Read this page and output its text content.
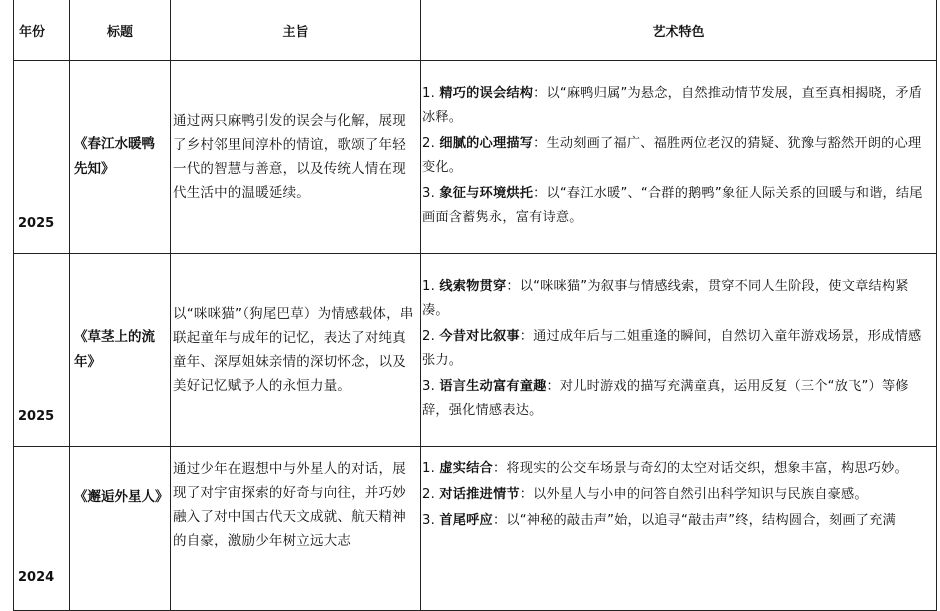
年份	标题	主旨	艺术特色
2025	《春江水暖鸭先知》	通过两只麻鸭引发的误会与化解，展现了乡村邻里间淳朴的情谊，歌颂了年轻一代的智慧与善意，以及传统人情在现代生活中的温暖延续。	1. 精巧的误会结构：以“麻鸭归属”为悬念，自然推动情节发展，直至真相揭晓，矛盾冰释。

2. 细腻的心理描写：生动刻画了福广、福胜两位老汉的猜疑、犹豫与豁然开朗的心理变化。

3. 象征与环境烘托：以“春江水暖”、“合群的鹅鸭”象征人际关系的回暖与和谐，结尾画面含蓄隽永，富有诗意。

2025	《草茎上的流年》	以“咪咪猫”（狗尾巴草）为情感载体，串联起童年与成年的记忆，表达了对纯真童年、深厚姐妹亲情的深切怀念，以及美好记忆赋予人的永恒力量。	1. 线索物贯穿：以“咪咪猫”为叙事与情感线索，贯穿不同人生阶段，使文章结构紧凑。

2. 今昔对比叙事：通过成年后与二姐重逢的瞬间，自然切入童年游戏场景，形成情感张力。

3. 语言生动富有童趣：对儿时游戏的描写充满童真，运用反复（三个“放飞”）等修辞，强化情感表达。

2024	《邂逅外星人》	通过少年在遐想中与外星人的对话，展现了对宇宙探索的好奇与向往，并巧妙融入了对中国古代天文成就、航天精神的自豪，激励少年树立远大志	1. 虚实结合：将现实的公交车场景与奇幻的太空对话交织，想象丰富，构思巧妙。

2. 对话推进情节：以外星人与小申的问答自然引出科学知识与民族自豪感。

3. 首尾呼应：以“神秘的敲击声”始，以追寻“敲击声”终，结构圆合，刻画了充满
